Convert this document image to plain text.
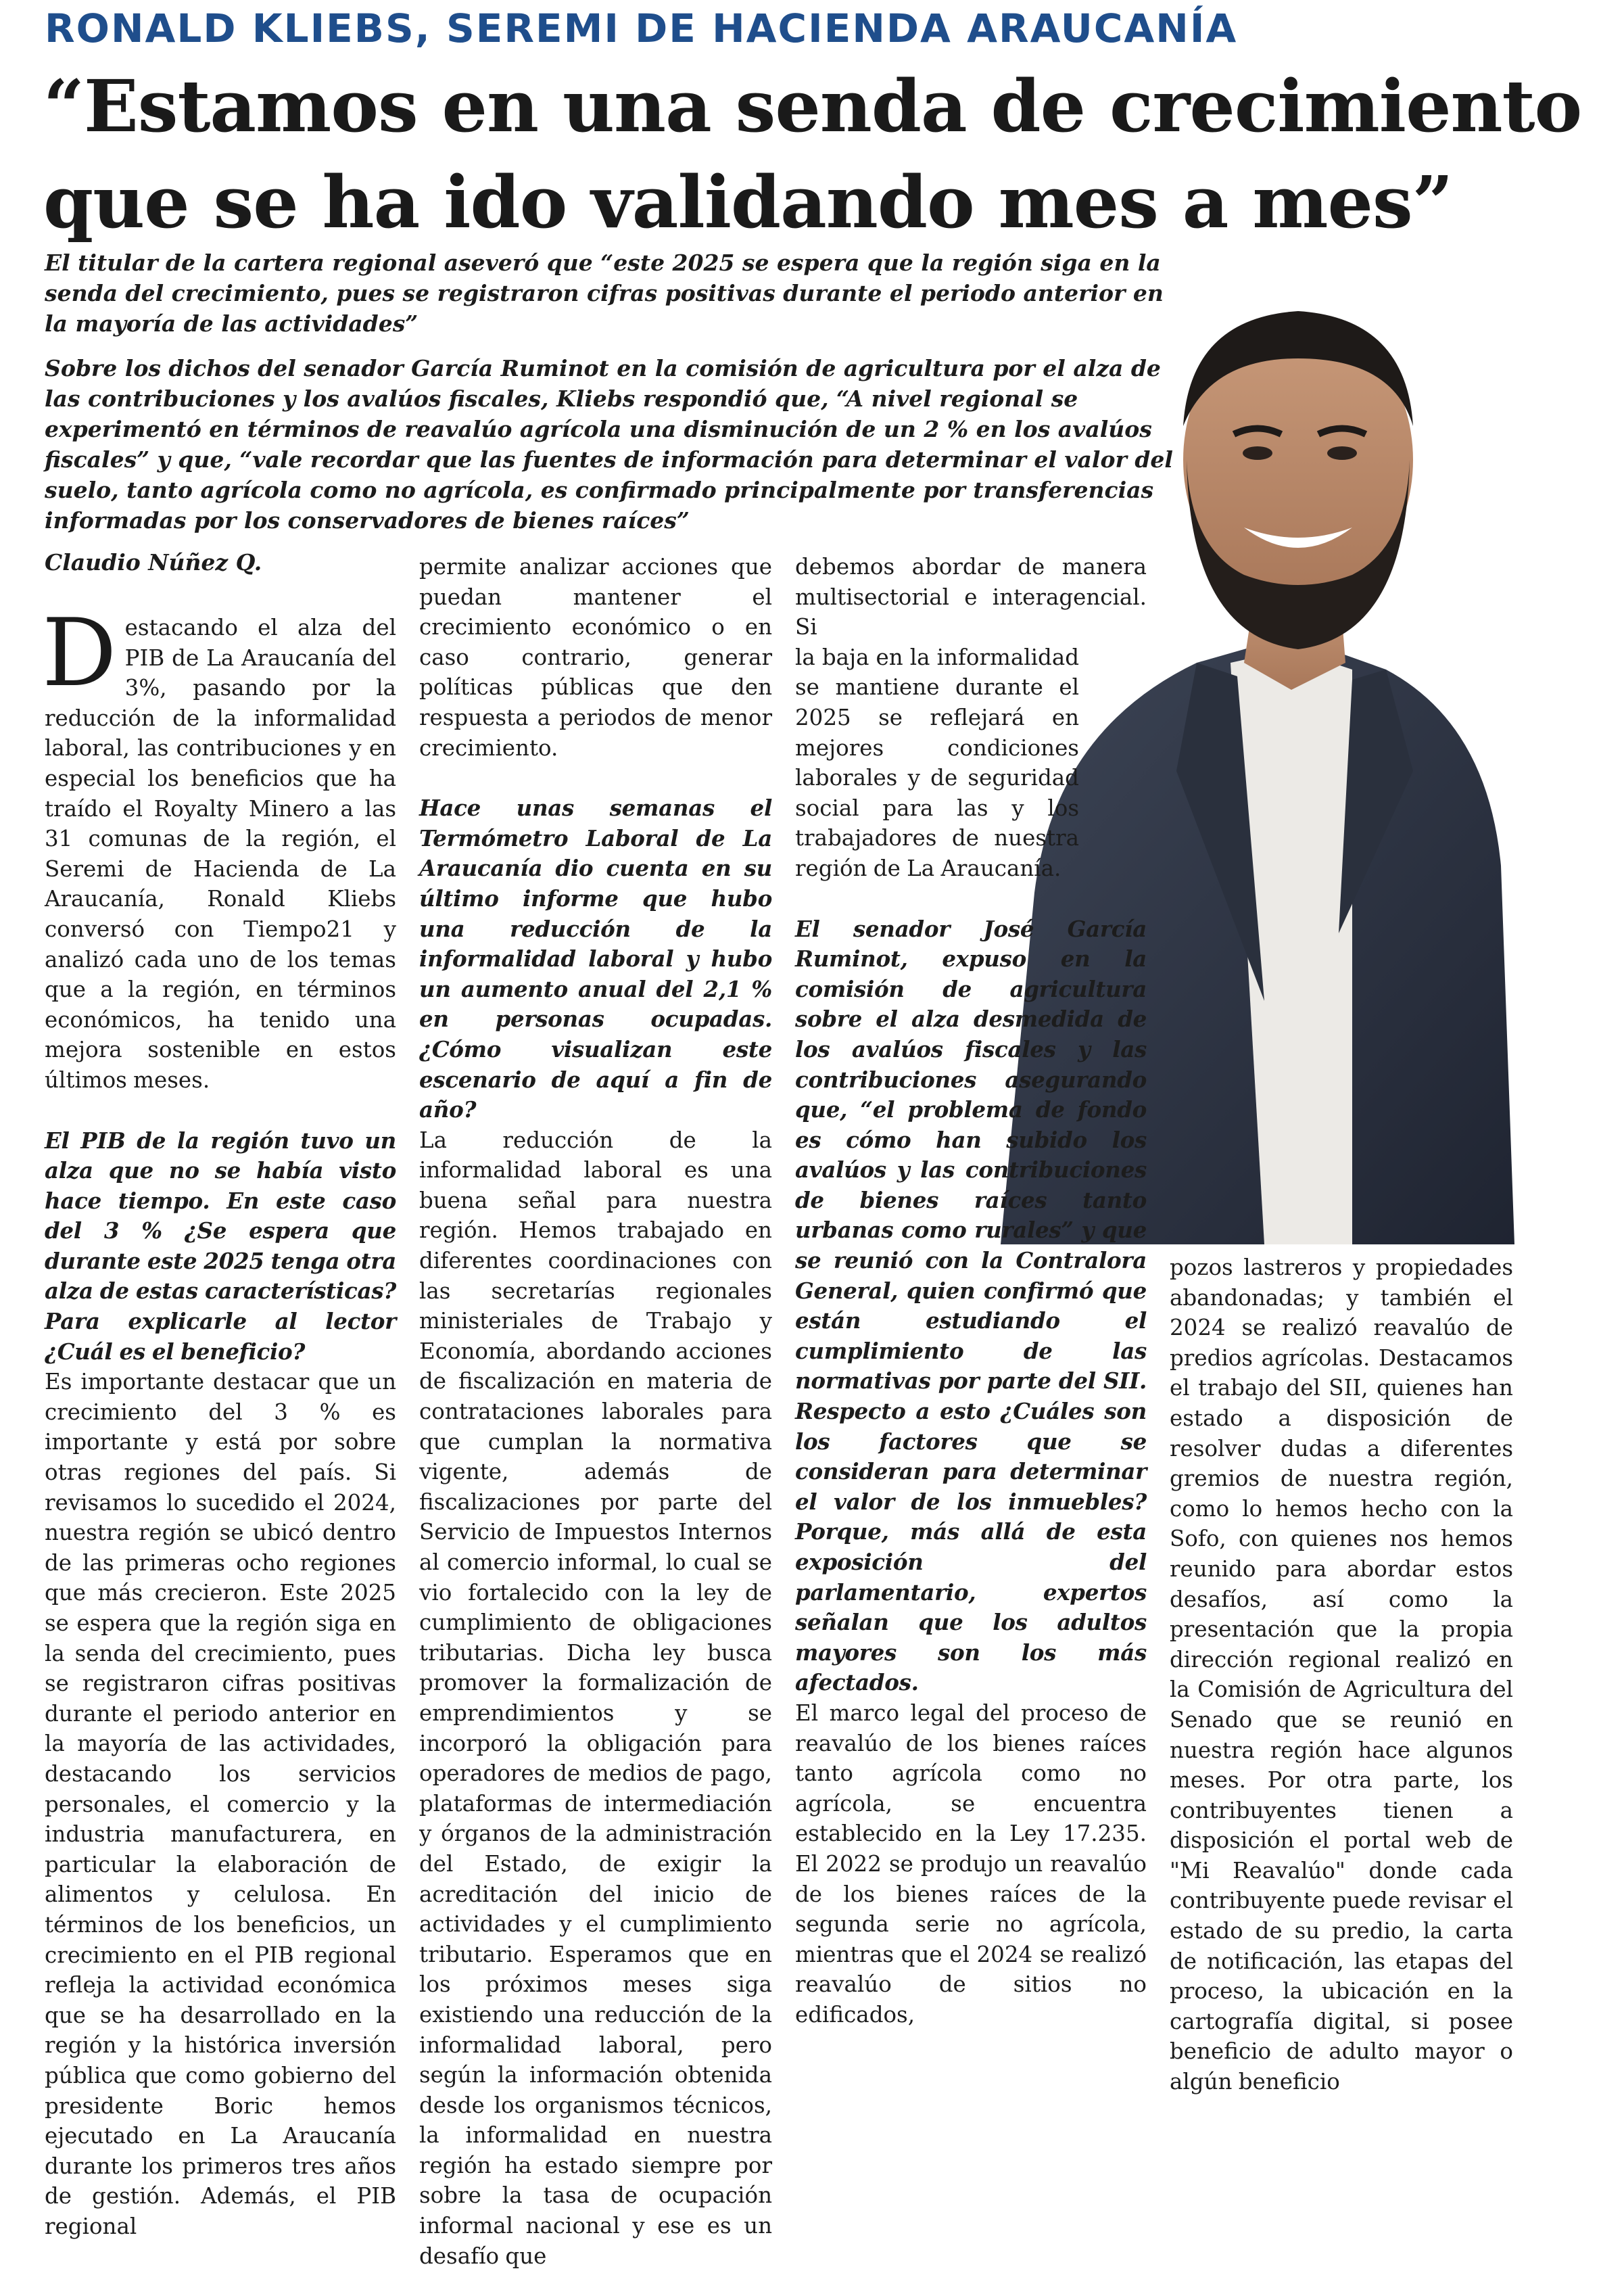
RONALD KLIEBS, SEREMI DE HACIENDA ARAUCANÍA
“Estamos en una senda de crecimiento que se ha ido validando mes a mes”
El titular de la cartera regional aseveró que “este 2025 se espera que la región siga en la senda del crecimiento, pues se registraron cifras positivas durante el periodo anterior en la mayoría de las actividades”
Sobre los dichos del senador García Ruminot en la comisión de agricultura por el alza de las contribuciones y los avalúos fiscales, Kliebs respondió que, “A nivel regional se experimentó en términos de reavalúo agrícola una disminución de un 2 % en los avalúos fiscales” y que, “vale recordar que las fuentes de información para determinar el valor del suelo, tanto agrícola como no agrícola, es confirmado principalmente por transferencias informadas por los conservadores de bienes raíces”
Claudio Núñez Q.

Destacando el alza del PIB de La Araucanía del 3%, pasando por la reducción de la informalidad laboral, las contribuciones y en especial los beneficios que ha traído el Royalty Minero a las 31 comunas de la región, el Seremi de Hacienda de La Araucanía, Ronald Kliebs conversó con Tiempo21 y analizó cada uno de los temas que a la región, en términos económicos, ha tenido una mejora sostenible en estos últimos meses.

El PIB de la región tuvo un alza que no se había visto hace tiempo. En este caso del 3 % ¿Se espera que durante este 2025 tenga otra alza de estas características? Para explicarle al lector ¿Cuál es el beneficio?

Es importante destacar que un crecimiento del 3 % es importante y está por sobre otras regiones del país. Si revisamos lo sucedido el 2024, nuestra región se ubicó dentro de las primeras ocho regiones que más crecieron. Este 2025 se espera que la región siga en la senda del crecimiento, pues se registraron cifras positivas durante el periodo anterior en la mayoría de las actividades, destacando los servicios personales, el comercio y la industria manufacturera, en particular la elaboración de alimentos y celulosa. En términos de los beneficios, un crecimiento en el PIB regional refleja la actividad económica que se ha desarrollado en la región y la histórica inversión pública que como gobierno del presidente Boric hemos ejecutado en La Araucanía durante los primeros tres años de gestión. Además, el PIB regional

permite analizar acciones que puedan mantener el crecimiento económico o en caso contrario, generar políticas públicas que den respuesta a periodos de menor crecimiento.

Hace unas semanas el Termómetro Laboral de La Araucanía dio cuenta en su último informe que hubo una reducción de la informalidad laboral y hubo un aumento anual del 2,1 % en personas ocupadas. ¿Cómo visualizan este escenario de aquí a fin de año?

La reducción de la informalidad laboral es una buena señal para nuestra región. Hemos trabajado en diferentes coordinaciones con las secretarías regionales ministeriales de Trabajo y Economía, abordando acciones de fiscalización en materia de contrataciones laborales para que cumplan la normativa vigente, además de fiscalizaciones por parte del Servicio de Impuestos Internos al comercio informal, lo cual se vio fortalecido con la ley de cumplimiento de obligaciones tributarias. Dicha ley busca promover la formalización de emprendimientos y se incorporó la obligación para operadores de medios de pago, plataformas de intermediación y órganos de la administración del Estado, de exigir la acreditación del inicio de actividades y el cumplimiento tributario. Esperamos que en los próximos meses siga existiendo una reducción de la informalidad laboral, pero según la información obtenida desde los organismos técnicos, la informalidad en nuestra región ha estado siempre por sobre la tasa de ocupación informal nacional y ese es un desafío que

debemos abordar de manera multisectorial e interagencial. Si

la baja en la informalidad se mantiene durante el 2025 se reflejará en mejores condiciones laborales y de seguridad social para las y los trabajadores de nuestra región de La Araucanía.

El senador José García Ruminot, expuso en la comisión de agricultura sobre el alza desmedida de los avalúos fiscales y las contribuciones asegurando que, “el problema de fondo es cómo han subido los avalúos y las contribuciones de bienes raíces tanto urbanas como rurales” y que se reunió con la Contralora General, quien confirmó que están estudiando el cumplimiento de las normativas por parte del SII. Respecto a esto ¿Cuáles son los factores que se consideran para determinar el valor de los inmuebles? Porque, más allá de esta exposición del parlamentario, expertos señalan que los adultos mayores son los más afectados.

El marco legal del proceso de reavalúo de los bienes raíces tanto agrícola como no agrícola, se encuentra establecido en la Ley 17.235. El 2022 se produjo un reavalúo de los bienes raíces de la segunda serie no agrícola, mientras que el 2024 se realizó reavalúo de sitios no edificados,

pozos lastreros y propiedades abandonadas; y también el 2024 se realizó reavalúo de predios agrícolas. Destacamos el trabajo del SII, quienes han estado a disposición de resolver dudas a diferentes gremios de nuestra región, como lo hemos hecho con la Sofo, con quienes nos hemos reunido para abordar estos desafíos, así como la presentación que la propia dirección regional realizó en la Comisión de Agricultura del Senado que se reunió en nuestra región hace algunos meses. Por otra parte, los contribuyentes tienen a disposición el portal web de "Mi Reavalúo" donde cada contribuyente puede revisar el estado de su predio, la carta de notificación, las etapas del proceso, la ubicación en la cartografía digital, si posee beneficio de adulto mayor o algún beneficio
